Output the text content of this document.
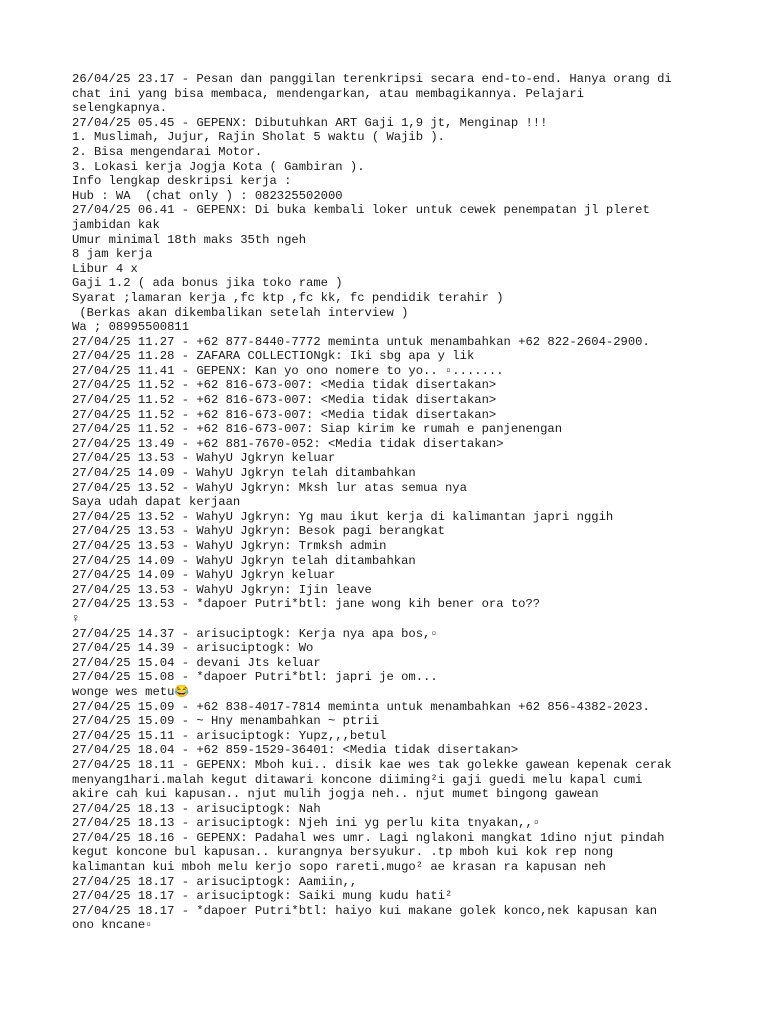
26/04/25 23.17 - Pesan dan panggilan terenkripsi secara end-to-end. Hanya orang di
chat ini yang bisa membaca, mendengarkan, atau membagikannya. Pelajari
selengkapnya.
27/04/25 05.45 - GEPENX: Dibutuhkan ART Gaji 1,9 jt, Menginap !!!
1. Muslimah, Jujur, Rajin Sholat 5 waktu ( Wajib ).
2. Bisa mengendarai Motor.
3. Lokasi kerja Jogja Kota ( Gambiran ).
Info lengkap deskripsi kerja :
Hub : WA  (chat only ) : 082325502000
27/04/25 06.41 - GEPENX: Di buka kembali loker untuk cewek penempatan jl pleret
jambidan kak
Umur minimal 18th maks 35th ngeh
8 jam kerja
Libur 4 x
Gaji 1.2 ( ada bonus jika toko rame )
Syarat ;lamaran kerja ,fc ktp ,fc kk, fc pendidik terahir )
(Berkas akan dikembalikan setelah interview )
Wa ; 08995500811
27/04/25 11.27 - +62 877-8440-7772 meminta untuk menambahkan +62 822-2604-2900.
27/04/25 11.28 - ZAFARA COLLECTIONgk: Iki sbg apa y lik
27/04/25 11.41 - GEPENX: Kan yo ono nomere to yo.. ▫.......
27/04/25 11.52 - +62 816-673-007: <Media tidak disertakan>
27/04/25 11.52 - +62 816-673-007: <Media tidak disertakan>
27/04/25 11.52 - +62 816-673-007: <Media tidak disertakan>
27/04/25 11.52 - +62 816-673-007: Siap kirim ke rumah e panjenengan
27/04/25 13.49 - +62 881-7670-052: <Media tidak disertakan>
27/04/25 13.53 - WahyU Jgkryn keluar
27/04/25 14.09 - WahyU Jgkryn telah ditambahkan
27/04/25 13.52 - WahyU Jgkryn: Mksh lur atas semua nya
Saya udah dapat kerjaan
27/04/25 13.52 - WahyU Jgkryn: Yg mau ikut kerja di kalimantan japri nggih
27/04/25 13.53 - WahyU Jgkryn: Besok pagi berangkat
27/04/25 13.53 - WahyU Jgkryn: Trmksh admin
27/04/25 14.09 - WahyU Jgkryn telah ditambahkan
27/04/25 14.09 - WahyU Jgkryn keluar
27/04/25 13.53 - WahyU Jgkryn: Ijin leave
27/04/25 13.53 - *dapoer Putri*btl: jane wong kih bener ora to??
♀
27/04/25 14.37 - arisuciptogk: Kerja nya apa bos,▫
27/04/25 14.39 - arisuciptogk: Wo
27/04/25 15.04 - devani Jts keluar
27/04/25 15.08 - *dapoer Putri*btl: japri je om...
wonge wes metu😂
27/04/25 15.09 - +62 838-4017-7814 meminta untuk menambahkan +62 856-4382-2023.
27/04/25 15.09 - ~ Hny menambahkan ~ ptrii
27/04/25 15.11 - arisuciptogk: Yupz,,,betul
27/04/25 18.04 - +62 859-1529-36401: <Media tidak disertakan>
27/04/25 18.11 - GEPENX: Mboh kui.. disik kae wes tak golekke gawean kepenak cerak
menyang1hari.malah kegut ditawari koncone diiming²i gaji guedi melu kapal cumi
akire cah kui kapusan.. njut mulih jogja neh.. njut mumet bingong gawean
27/04/25 18.13 - arisuciptogk: Nah
27/04/25 18.13 - arisuciptogk: Njeh ini yg perlu kita tnyakan,,▫
27/04/25 18.16 - GEPENX: Padahal wes umr. Lagi nglakoni mangkat 1dino njut pindah
kegut koncone bul kapusan.. kurangnya bersyukur. .tp mboh kui kok rep nong
kalimantan kui mboh melu kerjo sopo rareti.mugo² ae krasan ra kapusan neh
27/04/25 18.17 - arisuciptogk: Aamiin,,
27/04/25 18.17 - arisuciptogk: Saiki mung kudu hati²
27/04/25 18.17 - *dapoer Putri*btl: haiyo kui makane golek konco,nek kapusan kan
ono kncane▫
